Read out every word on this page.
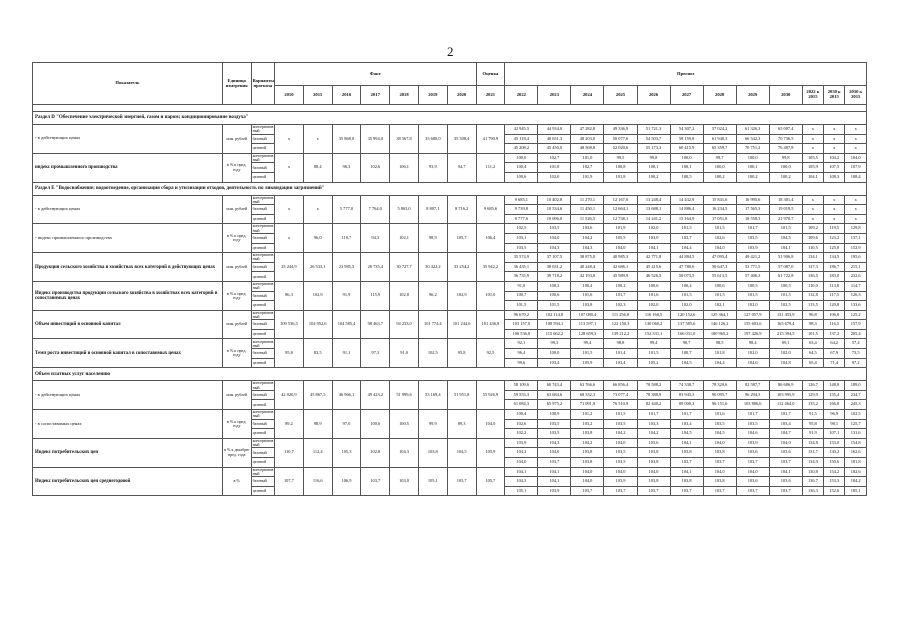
2
Показатель	Единица измерения	Варианты прогноза	Факт							Оценка	Прогноз											
			2010	2015	2016	2017	2018	2019	2020	2021	2022	2023	2024	2025	2026	2027	2028	2029	2030	2022 к 2015	2030 к 2015	2030 к 2015

Раздел D "Обеспечение электрической энергией, газом и паром; кондиционирование воздуха"																						
- в действующих ценах	млн. рублей	консерватив ный	x	x	35 868,0	35 994,0	38 567,8	35 680,0	35 308,4	41 790,9	42 945,5	44 934,0	47 282,8	49 336,9	51 721,3	54 307,2	57 024,2	61 326,3	65 007,4	x	x	x
		базовый									45 118,4	48 651,3	48 203,0	50 077,6	54 503,7	58 159,8	61 940,3	66 542,3	70 736,5	x	x	x
		целевой									45 208,2	45 450,0	48 568,8	52 020,6	55 173,3	60 415,9	65 359,7	70 751,2	76 487,8	x	x	x
индекс промышленного производства	в % к пред. году	консерватив ный	x	88,4	96,3	102,6	106,1	93,9	94,7	111,2	100,0	102,7	101,0	99,5	99,8	100,0	99,7	100,0	99,8	105,5	104,2	104,0
		базовый									100,4	101,8	102,7	100,8	100,1	100,1	100,0	100,1	100,0	105,9	107,5	107,9
		целевой									100,6	102,0	101,9	101,8	100,2	100,5	100,2	100,2	100,2	104,1	108,3	108,4
Раздел Е "Водоснабжение; водоотведение, организация сбора и утилизации отходов, деятельность по ликвидации загрязнений"																						
- в действующих ценах	млн. рублей	консерватив ный	x	x	5 777,0	7 764,0	5 863,0	8 807,1	8 716,2	9 685,6	9 685,1	10 402,8	11 270,1	12 167,0	13 248,4	14 432,9	15 841,6	16 995,6	18 301,4	x	x	x
		базовый									9 739,8	10 534,6	11 450,1	12 664,1	13 688,1	14 886,4	16 234,5	17 565,3	19 019,5	x	x	x
		целевой									9 777,6	10 696,0	11 526,5	12 738,1	14 241,2	15 164,9	17 051,8	18 558,3	21 970,7	x	x	x
- индекс промышленного производства	в % к пред. году	консерватив ный	x	96,0	110,7	94,3	102,1	98,9	105,7	106,4	102,5	103,5	103,6	101,9	102,0	101,5	101,5	101,7	101,5	109,2	119,5	129,8
		базовый									103,1	104,0	104,2	105,5	103,0	103,7	102,6	103,5	104,5	109,6	123,2	137,1
		целевой									103,5	104,3	104,3	104,0	104,1	104,4	104,0	103,9	104,1	110,5	125,0	152,9
Продукция сельского хозяйства в хозяйствах всех категорий в действующих ценах	млн. рублей	консерватив ный	25 244,9	26 533,1	23 985,5	28 735,4	30 727,7	30 422,2	33 254,2	35 942,2	35 574,9	37 107,5	38 875,0	40 985,3	42 771,8	44 884,5	47 095,4	49 421,2	51 906,8	134,1	134,5	195,6
		базовый									36 435,1	38 031,2	40 248,4	42 686,1	45 415,6	47 780,6	50 647,3	53 771,5	57 087,0	137,3	186,7	215,1
		целевой									36 735,9	39 718,2	42 193,0	45 989,9	46 526,5	50 073,5	55 613,5	57 406,3	61 722,8	136,5	183,0	232,6
Индекс производства продукции сельского хозяйства в хозяйствах всех категорий в сопоставимых ценах	в % к пред. году	консерватив ный	86,3	102,9	91,9	115,9	102,8	96,2	102,9	101,0	91,0	100,3	100,4	100,2	100,6	100,4	100,6	100,5	100,5	110,0	113,8	114,7
		базовый									100,7	100,6	101,6	101,7	101,6	101,5	101,5	101,5	101,5	112,8	117,5	126,3
		целевой									101,5	101,5	103,8	102,3	102,0	102,0	102,1	102,0	102,5	113,5	120,8	133,6
Объем инвестиций в основной капитал	млн. рублей	консерватив ный	109 536,5	104 952,6	104 585,4	98 463,7	94 233,0	101 774,4	101 244,6	101 436,9	96 670,2	102 114,8	107 080,4	111 256,8	116 160,5	120 152,6	125 364,1	127 057,9	131 453,9	96,8	106,0	125,2
		базовый									103 157,0	108 594,1	113 597,1	122 150,3	130 060,2	137 585,6	146 126,2	155 603,6	165 679,4	98,3	116,5	157,9
		целевой									106 536,0	115 662,2	128 659,3	139 212,2	152 331,1	166 031,0	180 965,2	197 426,9	215 394,5	101,5	137,2	205,4
Темп роста инвестиций в основной капитал в сопоставимых ценах	в % к пред. году	консерватив ный	95,8	83,5	91,1	97,3	91,0	102,5	95,8	92,5	92,1	99,3	99,4	98,8	99,4	98,7	98,5	98,4	99,1	63,4	64,2	57,4
		базовый									96,4	100,0	101,5	101,4	101,5	100,7	101,8	102,0	102,0	64,5	67,9	73,5
		целевой									99,6	103,4	105,9	103,4	105,2	104,5	104,4	104,6	104,8	65,4	71,4	97,2
Объем платных услуг населению																						
- в действующих ценах	млн. рублей	консерватив ный	42 020,9	45 867,5	46 966,1	49 423,2	51 999,6	53 169,4	51 951,8	55 926,9	58 109,6	60 743,4	63 766,6	66 856,4	70 588,2	74 338,7	78 320,6	82 587,7	86 686,9	126,7	148,8	189,0
		базовый									59 553,3	63 684,6	68 332,3	73 077,4	78 388,9	83 943,3	90 095,7	96 294,3	103 995,9	129,9	155,4	234,7
		целевой									61 084,3	65 975,2	71 091,9	76 510,9	82 440,2	89 000,3	96 151,6	103 886,6	112 464,0	135,2	166,8	245,3
- в сопоставимых ценах	в % к пред. году	консерватив ный	89,2	98,9	97,0	100,6	100,5	99,9	89,3	104,0	100,4	100,9	101,2	101,5	101,7	101,7	101,6	101,7	101,7	91,5	96,9	102,5
		базовый									102,6	103,5	103,2	103,5	103,3	103,4	103,5	103,5	103,4	95,8	98,1	125,7
		целевой									102,2	103,5	103,8	104,2	104,2	104,5	104,5	104,6	104,7	91,9	107,1	131,6
Индекс потребительских цен	в % к декабрю пред. года	консерватив ный	110,7	112,4	105,3	102,8	104,3	103,8	104,5	105,9	103,9	104,3	104,2	104,0	103,6	104,1	104,0	103,9	104,0	134,8	153,0	154,8
		базовый									104,2	104,0	103,8	103,5	103,8	103,8	103,8	103,6	103,6	131,7	130,2	162,6
		целевой									104,0	103,7	103,8	103,5	103,8	103,7	103,7	103,7	103,7	134,9	150,6	181,8
Индекс потребительских цен среднегодовой	в %	консерватив ный	107,7	116,6	106,9	103,7	103,0	105,1	103,7	105,7	104,1	104,1	104,0	104,0	104,0	104,1	104,0	104,0	104,1	130,8	154,2	182,6
		базовый									104,3	104,1	104,0	103,9	103,8	103,8	103,8	103,6	103,6	136,7	153,3	184,2
		целевой									105,1	103,9	103,7	103,7	103,7	103,7	103,7	103,7	103,7	136,3	152,6	185,1
